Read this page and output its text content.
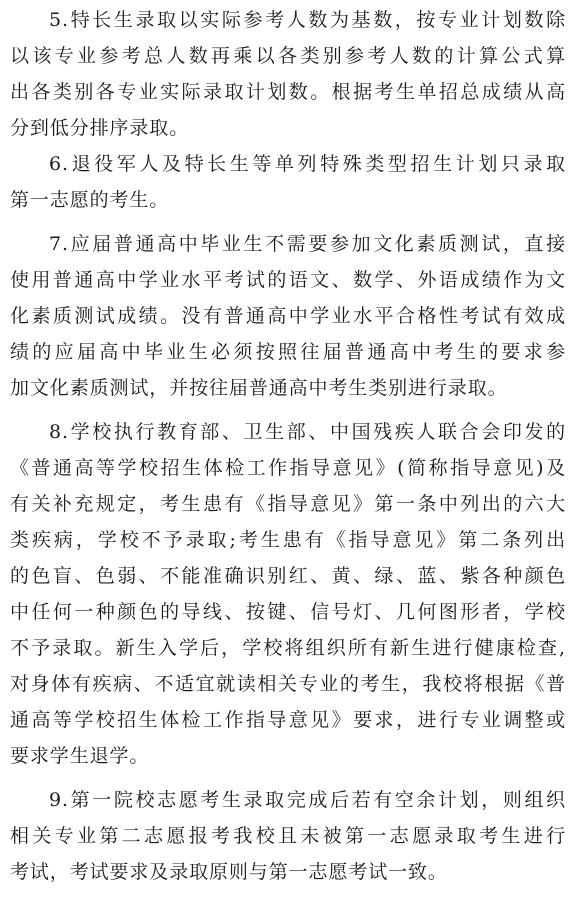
5.特长生录取以实际参考人数为基数，按专业计划数除
以该专业参考总人数再乘以各类别参考人数的计算公式算
出各类别各专业实际录取计划数。根据考生单招总成绩从高
分到低分排序录取。
6.退役军人及特长生等单列特殊类型招生计划只录取
第一志愿的考生。
7.应届普通高中毕业生不需要参加文化素质测试，直接
使用普通高中学业水平考试的语文、数学、外语成绩作为文
化素质测试成绩。没有普通高中学业水平合格性考试有效成
绩的应届高中毕业生必须按照往届普通高中考生的要求参
加文化素质测试，并按往届普通高中考生类别进行录取。
8.学校执行教育部、卫生部、中国残疾人联合会印发的
《普通高等学校招生体检工作指导意见》(简称指导意见)及
有关补充规定，考生患有《指导意见》第一条中列出的六大
类疾病，学校不予录取;考生患有《指导意见》第二条列出
的色盲、色弱、不能准确识别红、黄、绿、蓝、紫各种颜色
中任何一种颜色的导线、按键、信号灯、几何图形者，学校
不予录取。新生入学后，学校将组织所有新生进行健康检查,
对身体有疾病、不适宜就读相关专业的考生，我校将根据《普
通高等学校招生体检工作指导意见》要求，进行专业调整或
要求学生退学。
9.第一院校志愿考生录取完成后若有空余计划，则组织
相关专业第二志愿报考我校且未被第一志愿录取考生进行
考试，考试要求及录取原则与第一志愿考试一致。
